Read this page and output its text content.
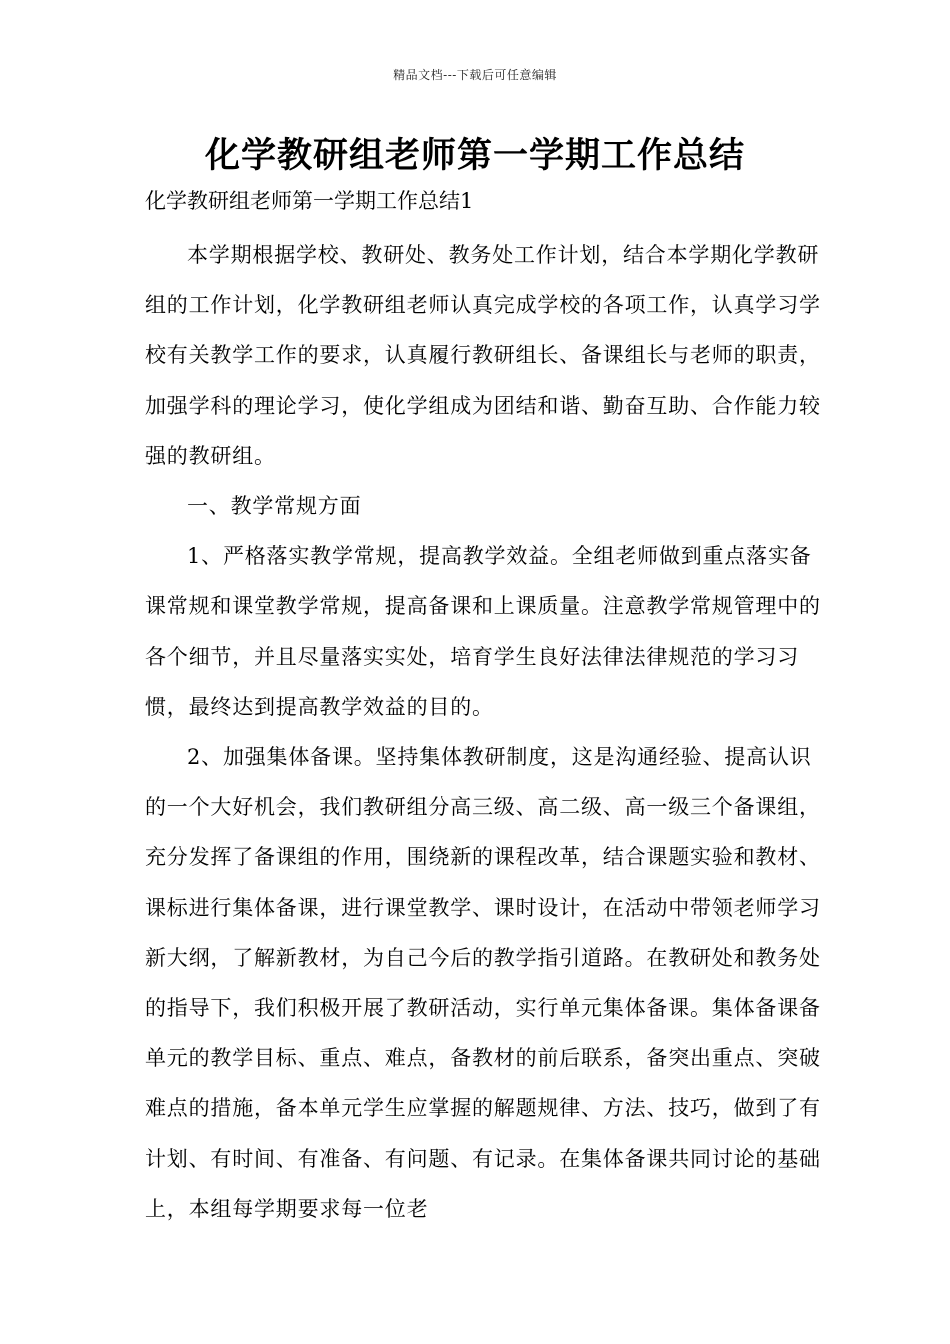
精品文档---下载后可任意编辑
化学教研组老师第一学期工作总结
化学教研组老师第一学期工作总结1

本学期根据学校、教研处、教务处工作计划，结合本学期化学教研组的工作计划，化学教研组老师认真完成学校的各项工作，认真学习学校有关教学工作的要求，认真履行教研组长、备课组长与老师的职责，加强学科的理论学习，使化学组成为团结和谐、勤奋互助、合作能力较强的教研组。

一、教学常规方面

1、严格落实教学常规，提高教学效益。全组老师做到重点落实备课常规和课堂教学常规，提高备课和上课质量。注意教学常规管理中的各个细节，并且尽量落实实处，培育学生良好法律法律规范的学习习惯，最终达到提高教学效益的目的。

2、加强集体备课。坚持集体教研制度，这是沟通经验、提高认识的一个大好机会，我们教研组分高三级、高二级、高一级三个备课组，充分发挥了备课组的作用，围绕新的课程改革，结合课题实验和教材、课标进行集体备课，进行课堂教学、课时设计，在活动中带领老师学习新大纲，了解新教材，为自己今后的教学指引道路。在教研处和教务处的指导下，我们积极开展了教研活动，实行单元集体备课。集体备课备单元的教学目标、重点、难点，备教材的前后联系，备突出重点、突破难点的措施，备本单元学生应掌握的解题规律、方法、技巧，做到了有计划、有时间、有准备、有问题、有记录。在集体备课共同讨论的基础上，本组每学期要求每一位老
